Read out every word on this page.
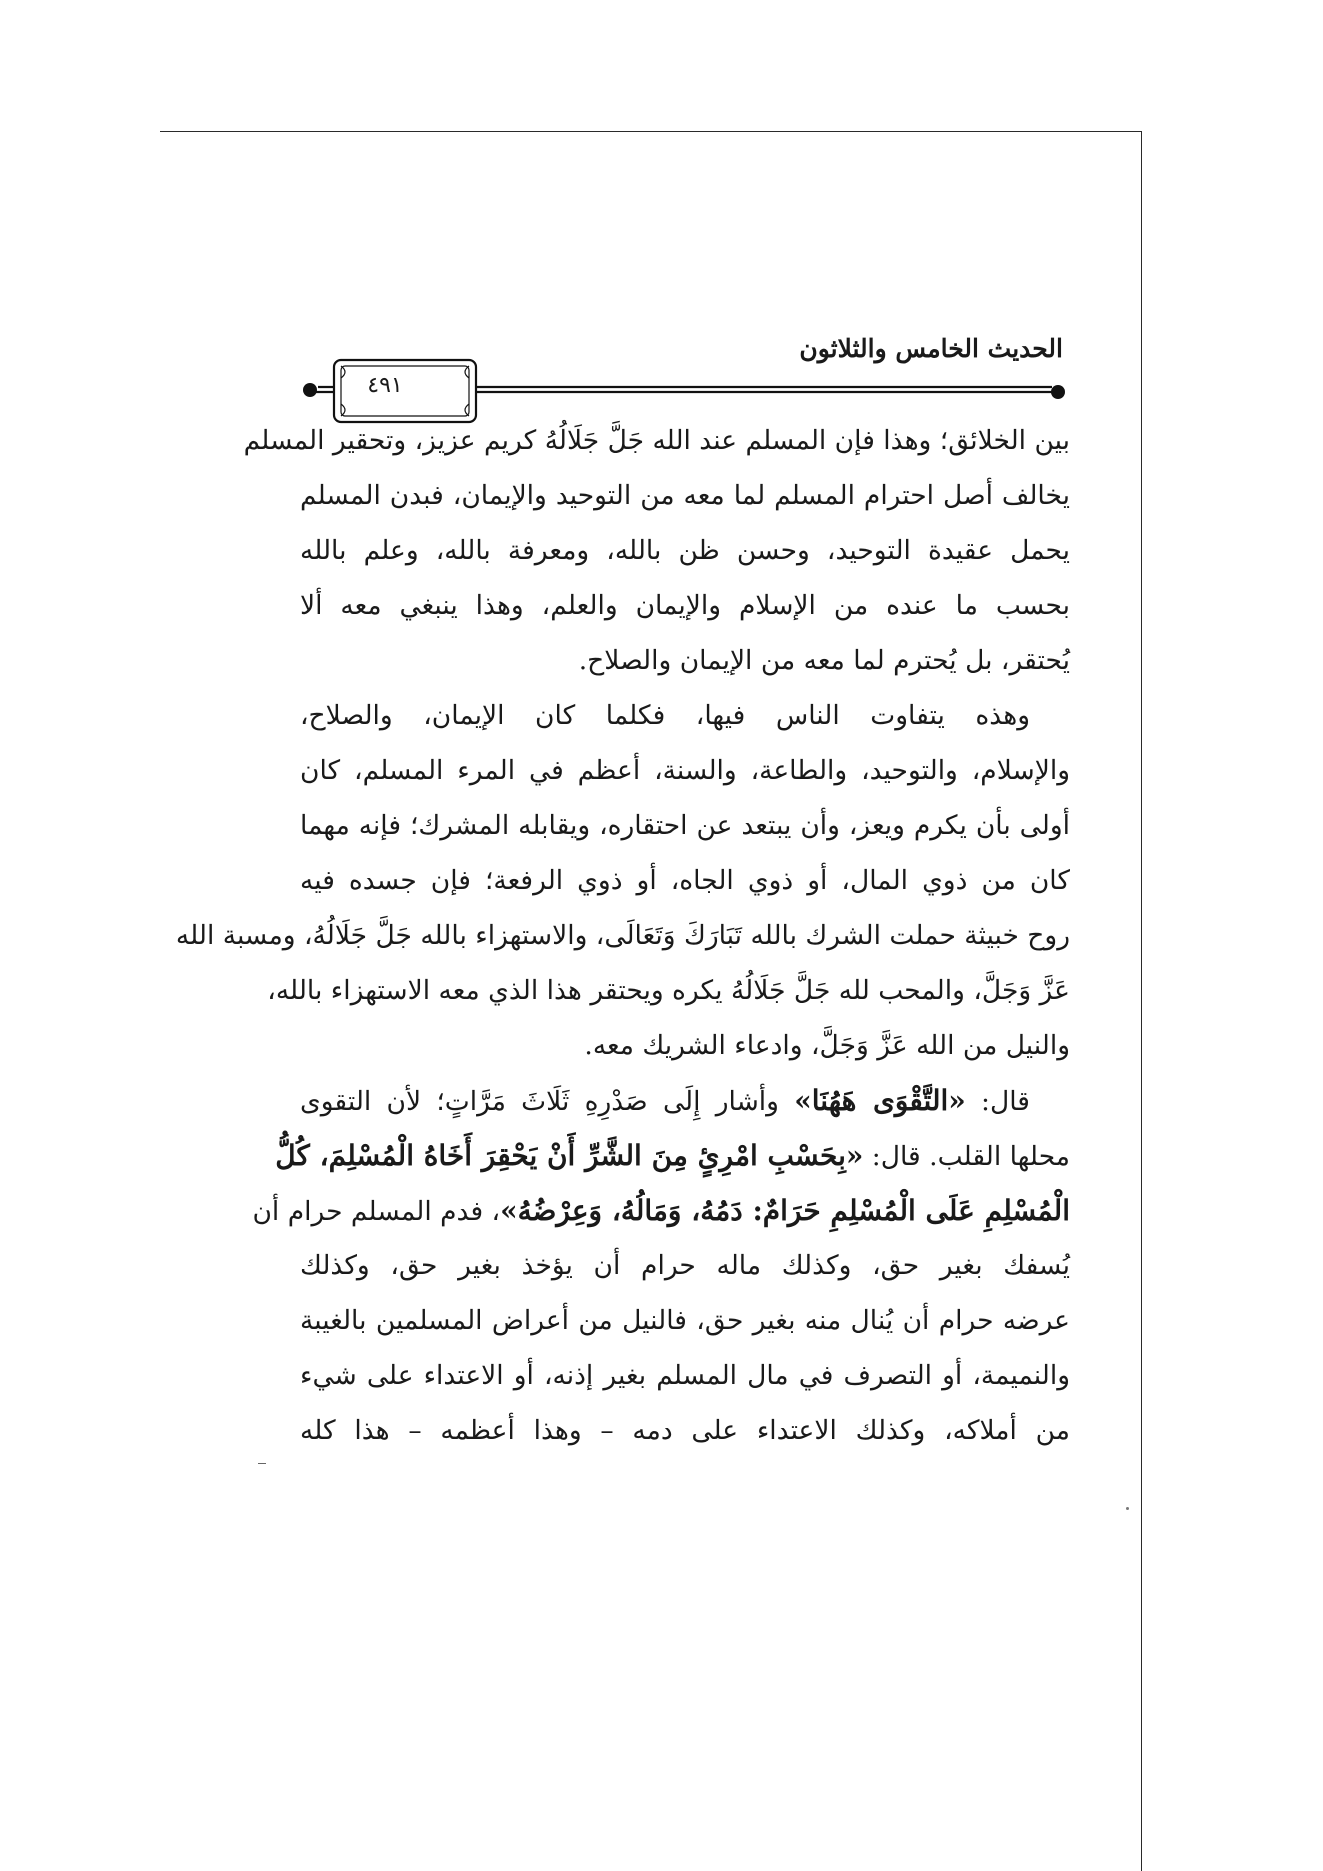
الحديث الخامس والثلاثون
٤٩١
بين الخلائق؛ وهذا فإن المسلم عند الله جَلَّ جَلَالُهُ كريم عزيز، وتحقير المسلم
يخالف أصل احترام المسلم لما معه من التوحيد والإيمان، فبدن المسلم
يحمل عقيدة التوحيد، وحسن ظن بالله، ومعرفة بالله، وعلم بالله
بحسب ما عنده من الإسلام والإيمان والعلم، وهذا ينبغي معه ألا
يُحتقر، بل يُحترم لما معه من الإيمان والصلاح.
وهذه يتفاوت الناس فيها، فكلما كان الإيمان، والصلاح،
والإسلام، والتوحيد، والطاعة، والسنة، أعظم في المرء المسلم، كان
أولى بأن يكرم ويعز، وأن يبتعد عن احتقاره، ويقابله المشرك؛ فإنه مهما
كان من ذوي المال، أو ذوي الجاه، أو ذوي الرفعة؛ فإن جسده فيه
روح خبيثة حملت الشرك بالله تَبَارَكَ وَتَعَالَى، والاستهزاء بالله جَلَّ جَلَالُهُ، ومسبة الله
عَزَّ وَجَلَّ، والمحب لله جَلَّ جَلَالُهُ يكره ويحتقر هذا الذي معه الاستهزاء بالله،
والنيل من الله عَزَّ وَجَلَّ، وادعاء الشريك معه.
قال: «التَّقْوَى هَهُنَا» وأشار إِلَى صَدْرِهِ ثَلَاثَ مَرَّاتٍ؛ لأن التقوى
محلها القلب. قال: «بِحَسْبِ امْرِئٍ مِنَ الشَّرِّ أَنْ يَحْقِرَ أَخَاهُ الْمُسْلِمَ، كُلُّ
الْمُسْلِمِ عَلَى الْمُسْلِمِ حَرَامٌ: دَمُهُ، وَمَالُهُ، وَعِرْضُهُ»، فدم المسلم حرام أن
يُسفك بغير حق، وكذلك ماله حرام أن يؤخذ بغير حق، وكذلك
عرضه حرام أن يُنال منه بغير حق، فالنيل من أعراض المسلمين بالغيبة
والنميمة، أو التصرف في مال المسلم بغير إذنه، أو الاعتداء على شيء
من أملاكه، وكذلك الاعتداء على دمه – وهذا أعظمه – هذا كله
